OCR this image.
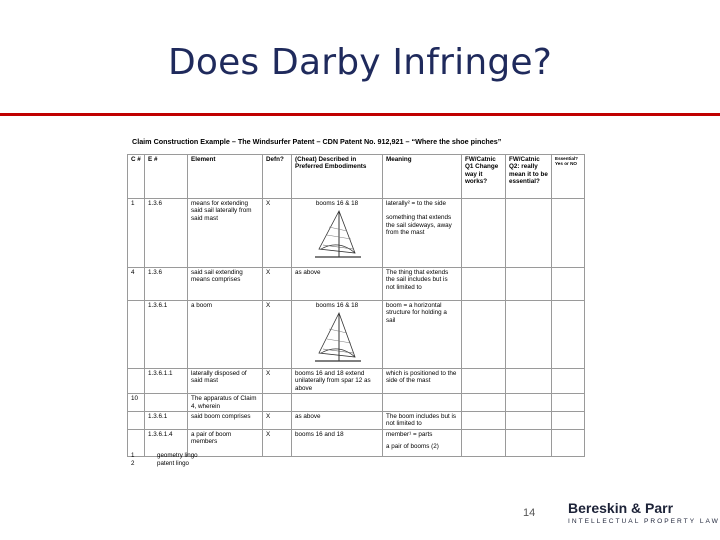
Does Darby Infringe?
Claim Construction Example – The Windsurfer Patent – CDN Patent No. 912,921 – “Where the shoe pinches”
C #	E #	Element	Defn?	(Cheat) Described in Preferred Embodiments	Meaning	FW/Catnic Q1 Change way it works?	FW/Catnic Q2: really mean it to be essential?	Essential? Yes or NO
1	1.3.6	means for extending said sail laterally from said mast	X	booms 16 & 18	laterally² = to the side
something that extends the sail sideways, away from the mast			

4	1.3.6	said sail extending means comprises	X	as above	The thing that extends the sail includes but is not limited to			
	1.3.6.1	a boom	X	booms 16 & 18	boom = a horizontal structure for holding a sail			
	1.3.6.1.1	laterally disposed of said mast	X	booms 16 and 18 extend unilaterally from spar 12 as above	which is positioned to the side of the mast			
10		The apparatus of Claim 4, wherein						
	1.3.6.1	said boom comprises	X	as above	The boom includes but is not limited to			
	1.3.6.1.4	a pair of boom members	X	booms 16 and 18	member¹ = parts
a pair of booms (2)			

1	geometry lingo
2	patent lingo
14 Bereskin & Parr
INTELLECTUAL PROPERTY LAW
